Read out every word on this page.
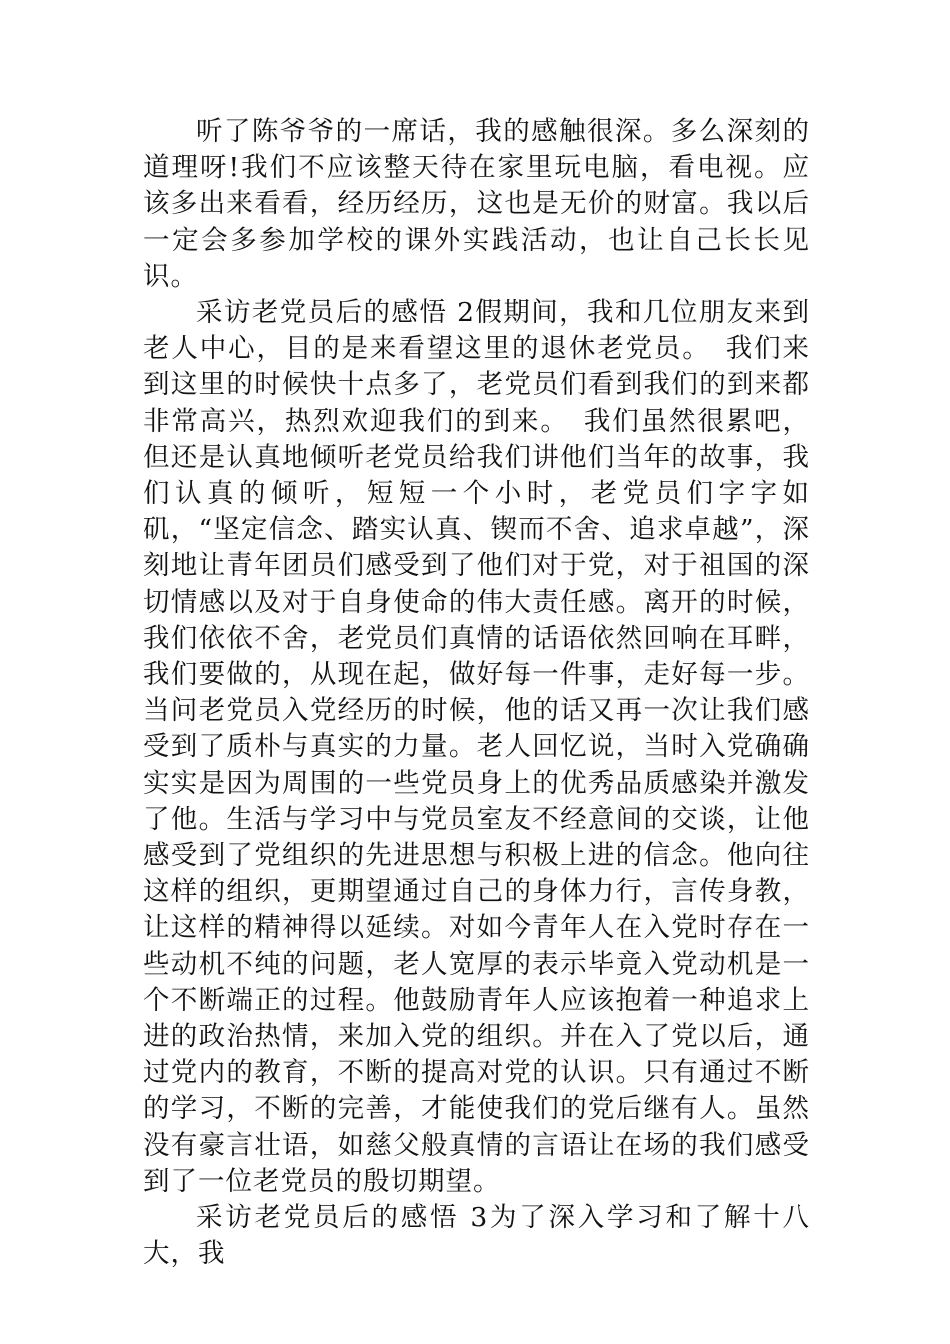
听了陈爷爷的一席话，我的感触很深。多么深刻的道理呀!我们不应该整天待在家里玩电脑，看电视。应该多出来看看，经历经历，这也是无价的财富。我以后一定会多参加学校的课外实践活动，也让自己长长见识。

采访老党员后的感悟 2假期间，我和几位朋友来到老人中心，目的是来看望这里的退休老党员。　我们来到这里的时候快十点多了，老党员们看到我们的到来都非常高兴，热烈欢迎我们的到来。　我们虽然很累吧，但还是认真地倾听老党员给我们讲他们当年的故事，我们认真的倾听，短短一个小时，老党员们字字如矶，“坚定信念、踏实认真、锲而不舍、追求卓越”，深刻地让青年团员们感受到了他们对于党，对于祖国的深切情感以及对于自身使命的伟大责任感。离开的时候，我们依依不舍，老党员们真情的话语依然回响在耳畔，我们要做的，从现在起，做好每一件事，走好每一步。 当问老党员入党经历的时候，他的话又再一次让我们感受到了质朴与真实的力量。老人回忆说，当时入党确确实实是因为周围的一些党员身上的优秀品质感染并激发了他。生活与学习中与党员室友不经意间的交谈，让他感受到了党组织的先进思想与积极上进的信念。他向往这样的组织，更期望通过自己的身体力行，言传身教，让这样的精神得以延续。对如今青年人在入党时存在一些动机不纯的问题，老人宽厚的表示毕竟入党动机是一个不断端正的过程。他鼓励青年人应该抱着一种追求上进的政治热情，来加入党的组织。并在入了党以后，通过党内的教育，不断的提高对党的认识。只有通过不断的学习，不断的完善，才能使我们的党后继有人。虽然没有豪言壮语，如慈父般真情的言语让在场的我们感受到了一位老党员的殷切期望。

采访老党员后的感悟 3为了深入学习和了解十八大，我
